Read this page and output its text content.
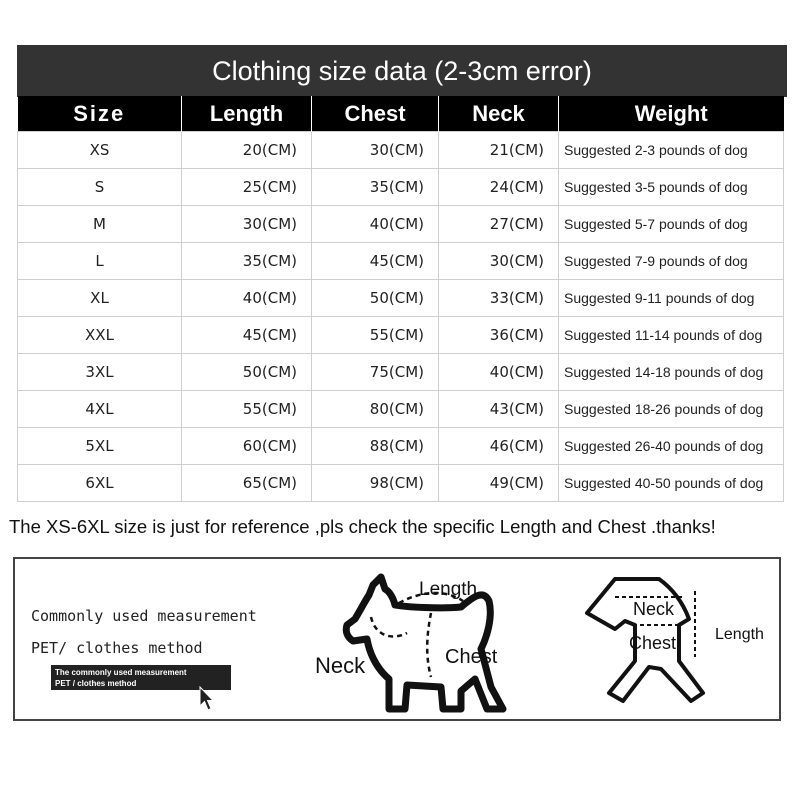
Clothing size data (2-3cm error)
Size	Length	Chest	Neck	Weight
XS	20(CM)	30(CM)	21(CM)	Suggested 2-3 pounds of dog
S	25(CM)	35(CM)	24(CM)	Suggested 3-5 pounds of dog
M	30(CM)	40(CM)	27(CM)	Suggested 5-7 pounds of dog
L	35(CM)	45(CM)	30(CM)	Suggested 7-9 pounds of dog
XL	40(CM)	50(CM)	33(CM)	Suggested 9-11 pounds of dog
XXL	45(CM)	55(CM)	36(CM)	Suggested 11-14 pounds of dog
3XL	50(CM)	75(CM)	40(CM)	Suggested 14-18 pounds of dog
4XL	55(CM)	80(CM)	43(CM)	Suggested 18-26 pounds of dog
5XL	60(CM)	88(CM)	46(CM)	Suggested 26-40 pounds of dog
6XL	65(CM)	98(CM)	49(CM)	Suggested 40-50 pounds of dog
The XS-6XL size is just for reference ,pls check the specific Length and Chest .thanks!
Commonly used measurement
PET/ clothes method
The commonly used measurement
PET / clothes method
Length
Neck	Chest
Neck
Chest Length
